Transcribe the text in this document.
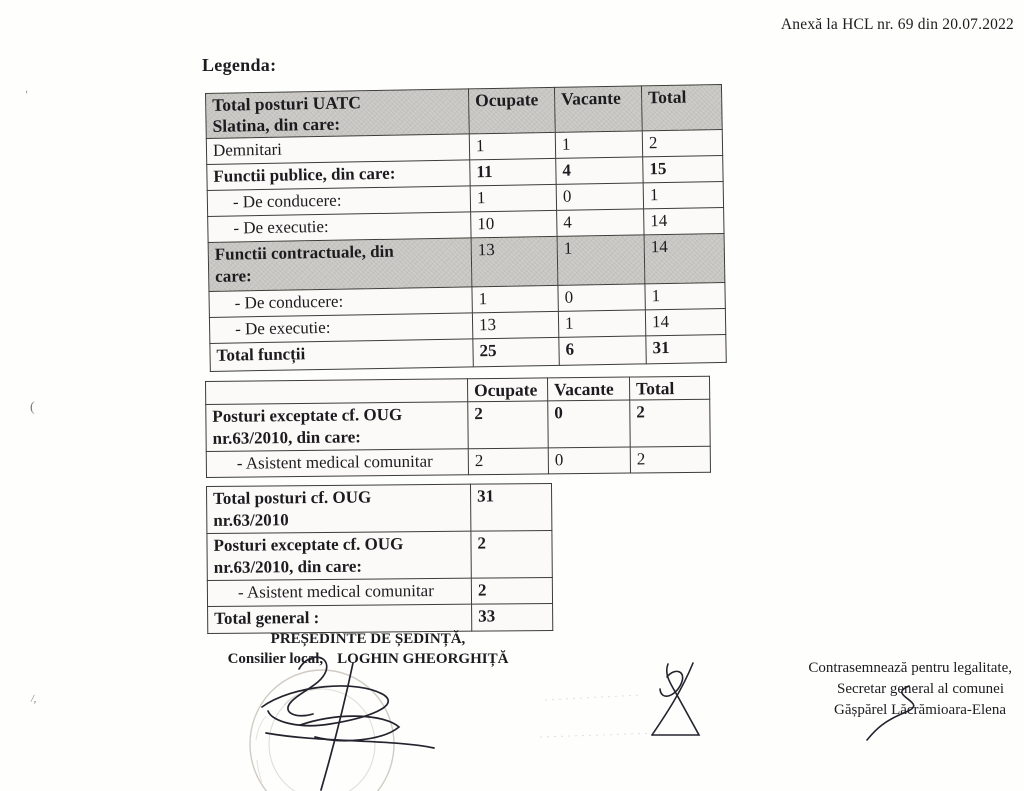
Anexă la HCL nr. 69 din 20.07.2022
Legenda:
Total posturi UATC
Slatina, din care:	Ocupate	Vacante	Total
Demnitari	1	1	2
Functii publice, din care:	11	4	15
- De conducere:	1	0	1
- De executie:	10	4	14
Functii contractuale, din
care:	13	1	14
- De conducere:	1	0	1
- De executie:	13	1	14
Total funcții	25	6	31
	Ocupate	Vacante	Total
Posturi exceptate cf. OUG
nr.63/2010, din care:	2	0	2
- Asistent medical comunitar	2	0	2
Total posturi cf. OUG
nr.63/2010	31
Posturi exceptate cf. OUG
nr.63/2010, din care:	2
- Asistent medical comunitar	2
Total general :	33
PREȘEDINTE DE ȘEDINȚĂ,
Consilier local, LOGHIN GHEORGHIȚĂ
Contrasemnează pentru legalitate,
Secretar general al comunei
Gășpărel Lăcrămioara-Elena
'
(
/,
